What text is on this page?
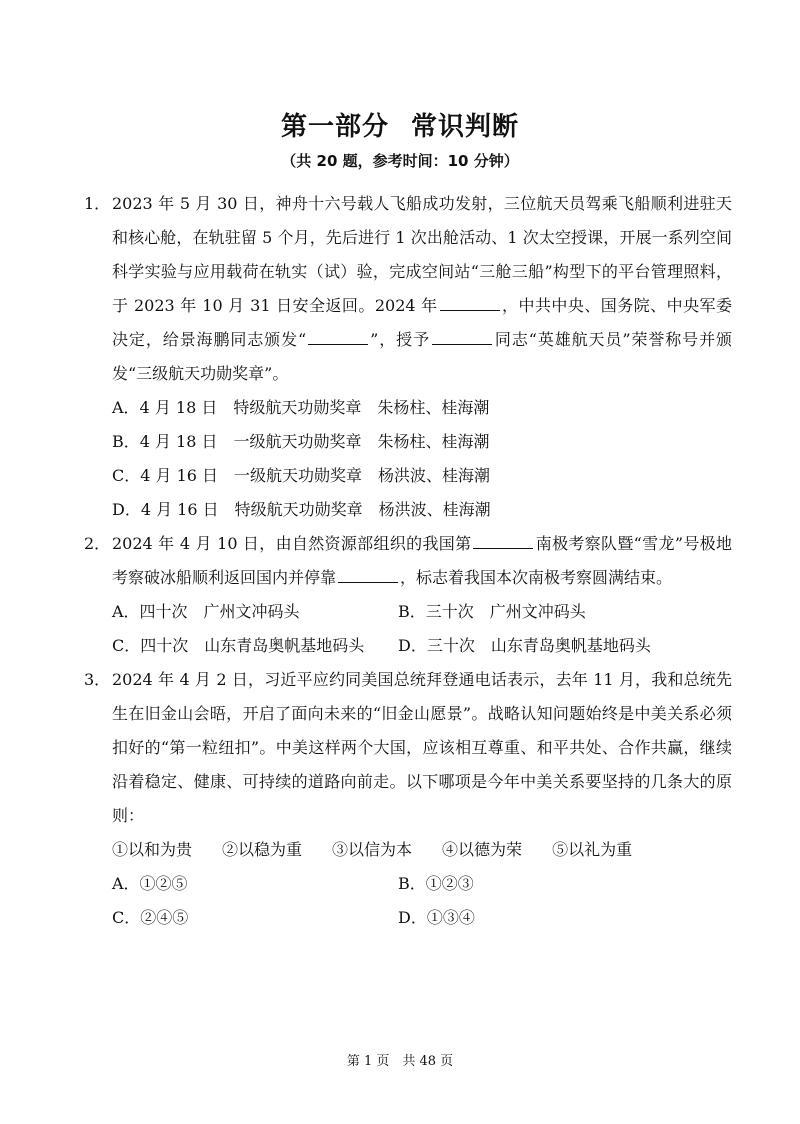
第一部分 常识判断
（共 20 题，参考时间：10 分钟）
1． 2023 年 5 月 30 日，神舟十六号载人飞船成功发射，三位航天员驾乘飞船顺利进驻天和核心舱，在轨驻留 5 个月，先后进行 1 次出舱活动、1 次太空授课，开展一系列空间科学实验与应用载荷在轨实（试）验，完成空间站“三舱三船”构型下的平台管理照料，于 2023 年 10 月 31 日安全返回。2024 年	，中共中央、国务院、中央军委决定，给景海鹏同志颁发“	”，授予	同志“英雄航天员”荣誉称号并颁发“三级航天功勋奖章”。
A．4 月 18 日　特级航天功勋奖章　朱杨柱、桂海潮
B．4 月 18 日　一级航天功勋奖章　朱杨柱、桂海潮
C．4 月 16 日　一级航天功勋奖章　杨洪波、桂海潮
D．4 月 16 日　特级航天功勋奖章　杨洪波、桂海潮
2． 2024 年 4 月 10 日，由自然资源部组织的我国第	南极考察队暨“雪龙”号极地考察破冰船顺利返回国内并停靠	，标志着我国本次南极考察圆满结束。
A．四十次　广州文冲码头	B．三十次　广州文冲码头
C．四十次　山东青岛奥帆基地码头	D．三十次　山东青岛奥帆基地码头
3． 2024 年 4 月 2 日，习近平应约同美国总统拜登通电话表示，去年 11 月，我和总统先生在旧金山会晤，开启了面向未来的“旧金山愿景”。战略认知问题始终是中美关系必须扣好的“第一粒纽扣”。中美这样两个大国，应该相互尊重、和平共处、合作共赢，继续沿着稳定、健康、可持续的道路向前走。以下哪项是今年中美关系要坚持的几条大的原则：
①以和为贵 ②以稳为重 ③以信为本 ④以德为荣 ⑤以礼为重
A．①②⑤	B．①②③
C．②④⑤	D．①③④
第 1 页　共 48 页
